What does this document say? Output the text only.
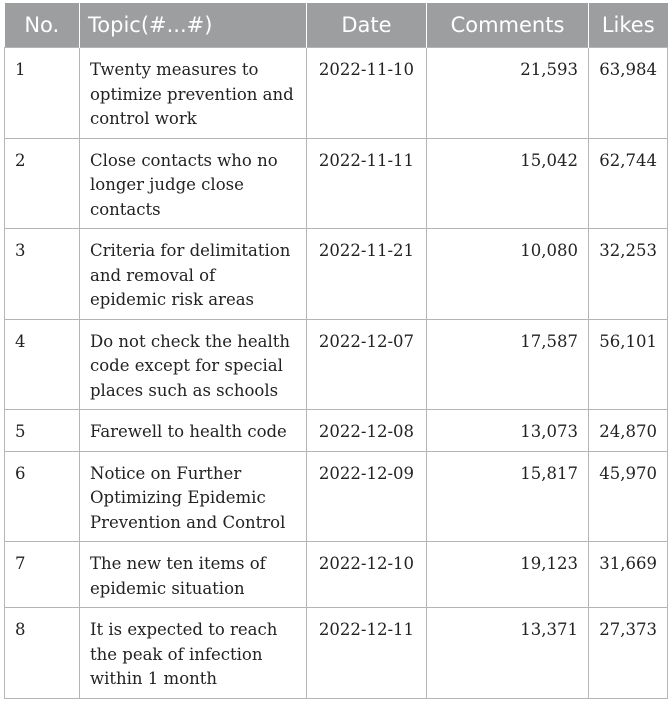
No.	Topic(#...#)	Date	Comments	Likes
1	Twenty measures to optimize prevention and control work	2022-11-10	21,593	63,984
2	Close contacts who no longer judge close contacts	2022-11-11	15,042	62,744
3	Criteria for delimitation and removal of epidemic risk areas	2022-11-21	10,080	32,253
4	Do not check the health code except for special places such as schools	2022-12-07	17,587	56,101
5	Farewell to health code	2022-12-08	13,073	24,870
6	Notice on Further Optimizing Epidemic Prevention and Control	2022-12-09	15,817	45,970
7	The new ten items of epidemic situation	2022-12-10	19,123	31,669
8	It is expected to reach the peak of infection within 1 month	2022-12-11	13,371	27,373
